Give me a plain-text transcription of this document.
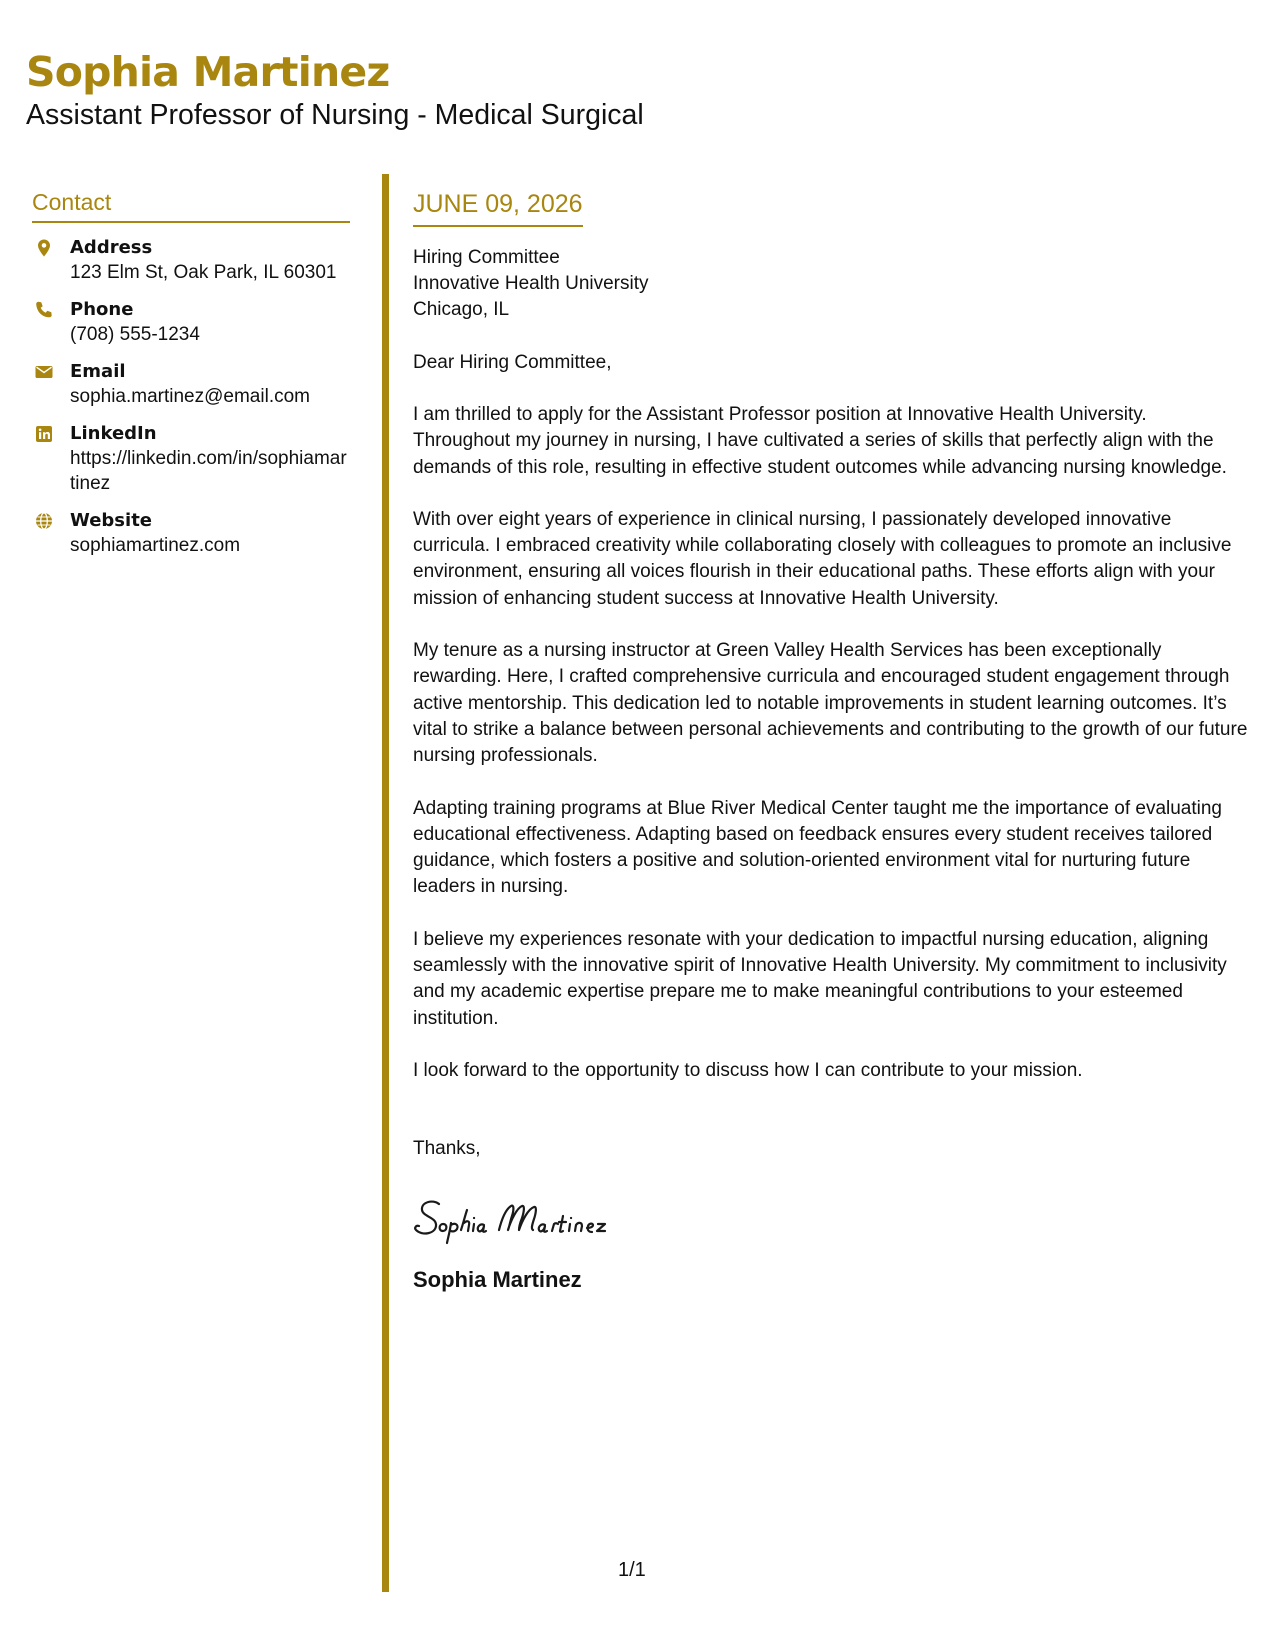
Sophia Martinez
Assistant Professor of Nursing - Medical Surgical
Contact
Address
123 Elm St, Oak Park, IL 60301
Phone
(708) 555-1234
Email
sophia.martinez@email.com
LinkedIn
https://linkedin.com/in/sophiamartinez
Website
sophiamartinez.com
JUNE 09, 2026
Hiring Committee
Innovative Health University
Chicago, IL
Dear Hiring Committee,

I am thrilled to apply for the Assistant Professor position at Innovative Health University. Throughout my journey in nursing, I have cultivated a series of skills that perfectly align with the demands of this role, resulting in effective student outcomes while advancing nursing knowledge.

With over eight years of experience in clinical nursing, I passionately developed innovative curricula. I embraced creativity while collaborating closely with colleagues to promote an inclusive environment, ensuring all voices flourish in their educational paths. These efforts align with your mission of enhancing student success at Innovative Health University.

My tenure as a nursing instructor at Green Valley Health Services has been exceptionally rewarding. Here, I crafted comprehensive curricula and encouraged student engagement through active mentorship. This dedication led to notable improvements in student learning outcomes. It’s vital to strike a balance between personal achievements and contributing to the growth of our future nursing professionals.

Adapting training programs at Blue River Medical Center taught me the importance of evaluating educational effectiveness. Adapting based on feedback ensures every student receives tailored guidance, which fosters a positive and solution-oriented environment vital for nurturing future leaders in nursing.

I believe my experiences resonate with your dedication to impactful nursing education, aligning seamlessly with the innovative spirit of Innovative Health University. My commitment to inclusivity and my academic expertise prepare me to make meaningful contributions to your esteemed institution.

I look forward to the opportunity to discuss how I can contribute to your mission.

Thanks,
Sophia Martinez
1/1
